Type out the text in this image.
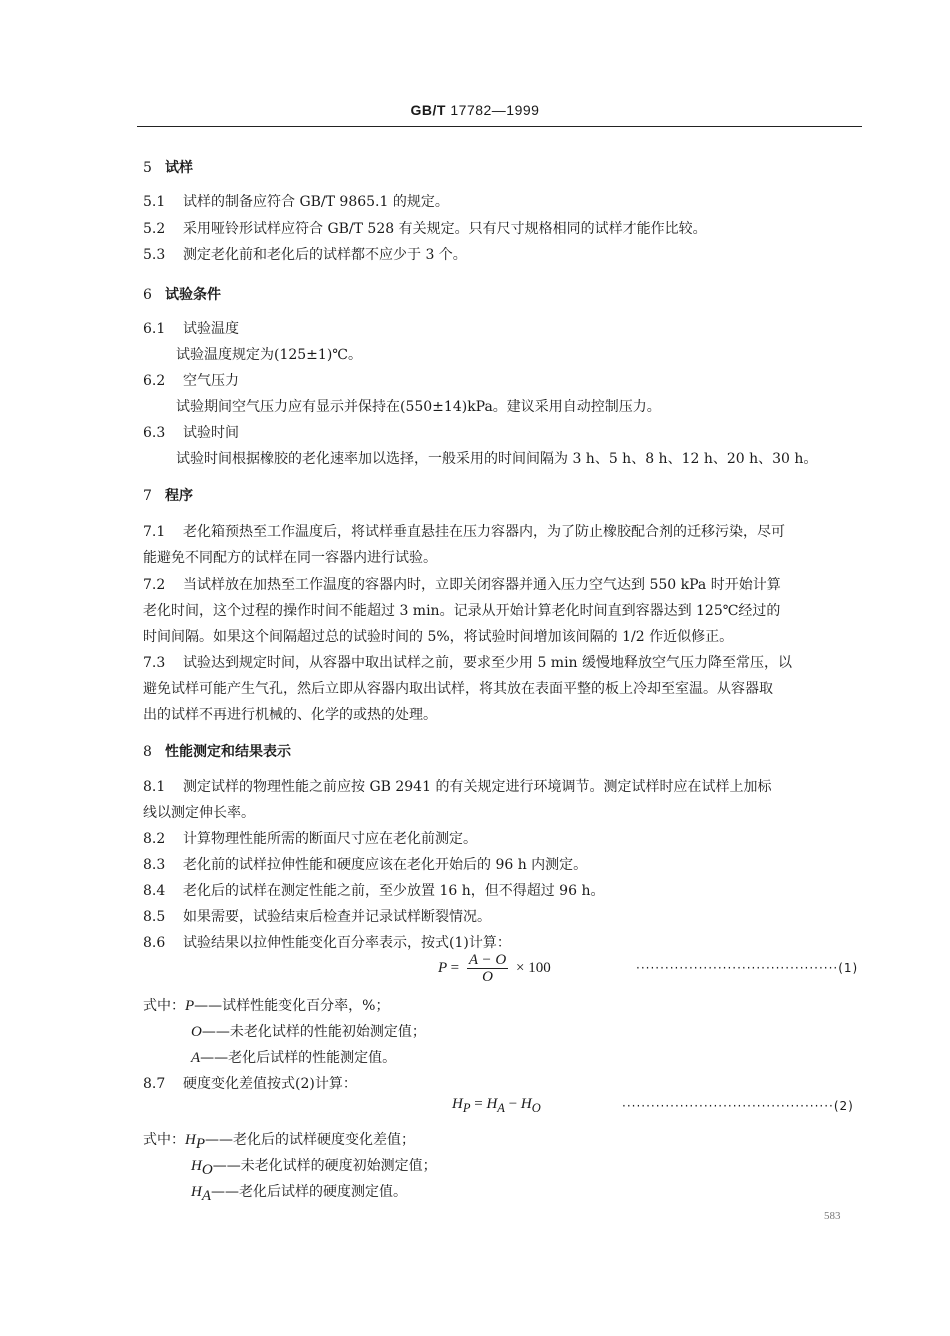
GB/T 17782—1999
5 试样
5.1 试样的制备应符合 GB/T 9865.1 的规定。
5.2 采用哑铃形试样应符合 GB/T 528 有关规定。只有尺寸规格相同的试样才能作比较。
5.3 测定老化前和老化后的试样都不应少于 3 个。
6 试验条件
6.1 试验温度
试验温度规定为(125±1)℃。
6.2 空气压力
试验期间空气压力应有显示并保持在(550±14)kPa。建议采用自动控制压力。
6.3 试验时间
试验时间根据橡胶的老化速率加以选择，一般采用的时间间隔为 3 h、5 h、8 h、12 h、20 h、30 h。
7 程序
7.1 老化箱预热至工作温度后，将试样垂直悬挂在压力容器内，为了防止橡胶配合剂的迁移污染，尽可
能避免不同配方的试样在同一容器内进行试验。
7.2 当试样放在加热至工作温度的容器内时，立即关闭容器并通入压力空气达到 550 kPa 时开始计算
老化时间，这个过程的操作时间不能超过 3 min。记录从开始计算老化时间直到容器达到 125℃经过的
时间间隔。如果这个间隔超过总的试验时间的 5%，将试验时间增加该间隔的 1/2 作近似修正。
7.3 试验达到规定时间，从容器中取出试样之前，要求至少用 5 min 缓慢地释放空气压力降至常压，以
避免试样可能产生气孔，然后立即从容器内取出试样，将其放在表面平整的板上冷却至室温。从容器取
出的试样不再进行机械的、化学的或热的处理。
8 性能测定和结果表示
8.1 测定试样的物理性能之前应按 GB 2941 的有关规定进行环境调节。测定试样时应在试样上加标
线以测定伸长率。
8.2 计算物理性能所需的断面尺寸应在老化前测定。
8.3 老化前的试样拉伸性能和硬度应该在老化开始后的 96 h 内测定。
8.4 老化后的试样在测定性能之前，至少放置 16 h，但不得超过 96 h。
8.5 如果需要，试验结束后检查并记录试样断裂情况。
8.6 试验结果以拉伸性能变化百分率表示，按式(1)计算：
$P = \frac{A - O}{O} \times 100$	··········································(1)
式中：P——试样性能变化百分率，%；
O——未老化试样的性能初始测定值；
A——老化后试样的性能测定值。
8.7 硬度变化差值按式(2)计算：
$H_P = H_A - H_O$	············································(2)
式中：$H_P——$老化后的试样硬度变化差值；
$H_O——$未老化试样的硬度初始测定值；
$H_A——$老化后试样的硬度测定值。
583
